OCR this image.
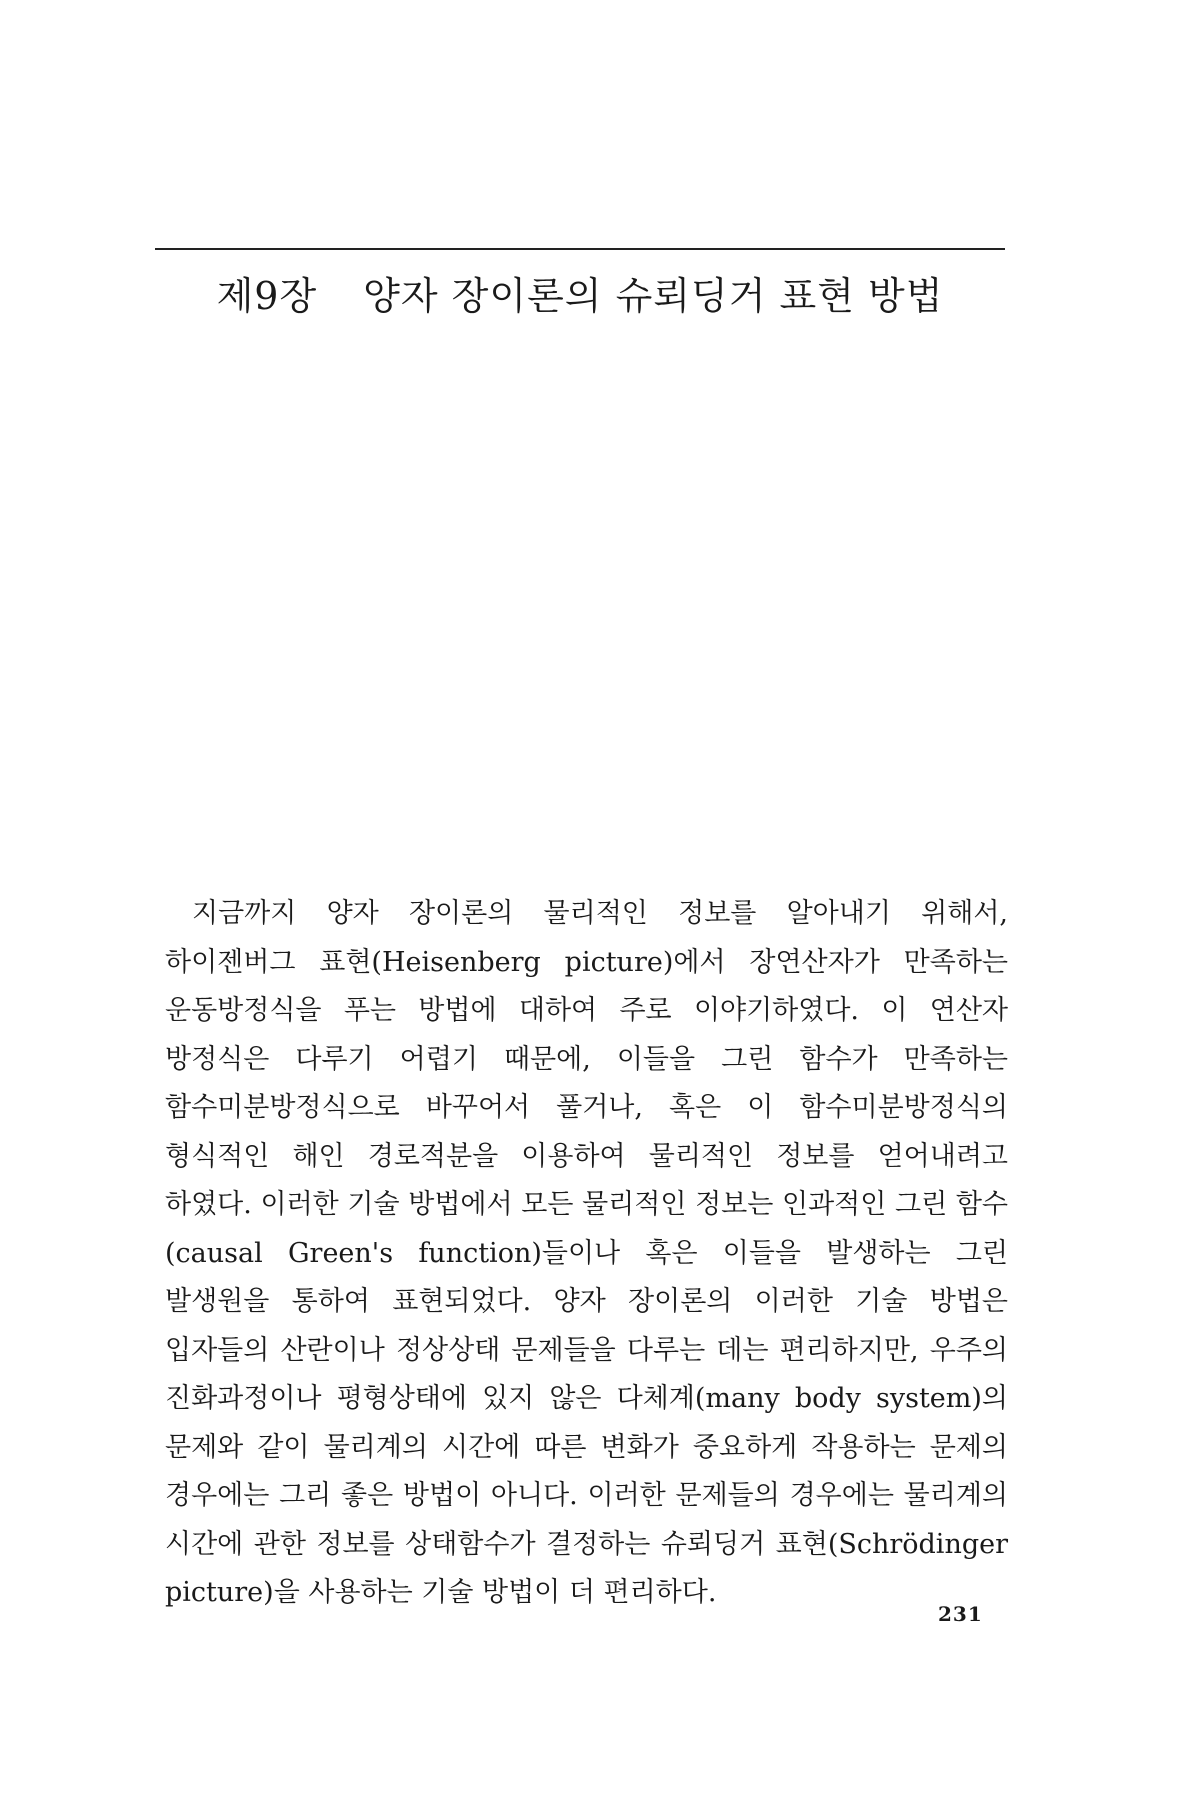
제9장 양자 장이론의 슈뢰딩거 표현 방법

지금까지 양자 장이론의 물리적인 정보를 알아내기 위해서, 하이젠버그 표현(Heisenberg picture)에서 장연산자가 만족하는 운동방정식을 푸는 방법에 대하여 주로 이야기하였다. 이 연산자 방정식은 다루기 어렵기 때문에, 이들을 그린 함수가 만족하는 함수미분방정식으로 바꾸어서 풀거나, 혹은 이 함수미분방정식의 형식적인 해인 경로적분을 이용하여 물리적인 정보를 얻어내려고 하였다. 이러한 기술 방법에서 모든 물리적인 정보는 인과적인 그린 함수(causal Green's function)들이나 혹은 이들을 발생하는 그린 발생원을 통하여 표현되었다. 양자 장이론의 이러한 기술 방법은 입자들의 산란이나 정상상태 문제들을 다루는 데는 편리하지만, 우주의 진화과정이나 평형상태에 있지 않은 다체계(many body system)의 문제와 같이 물리계의 시간에 따른 변화가 중요하게 작용하는 문제의 경우에는 그리 좋은 방법이 아니다. 이러한 문제들의 경우에는 물리계의 시간에 관한 정보를 상태함수가 결정하는 슈뢰딩거 표현(Schrödinger picture)을 사용하는 기술 방법이 더 편리하다.

231
